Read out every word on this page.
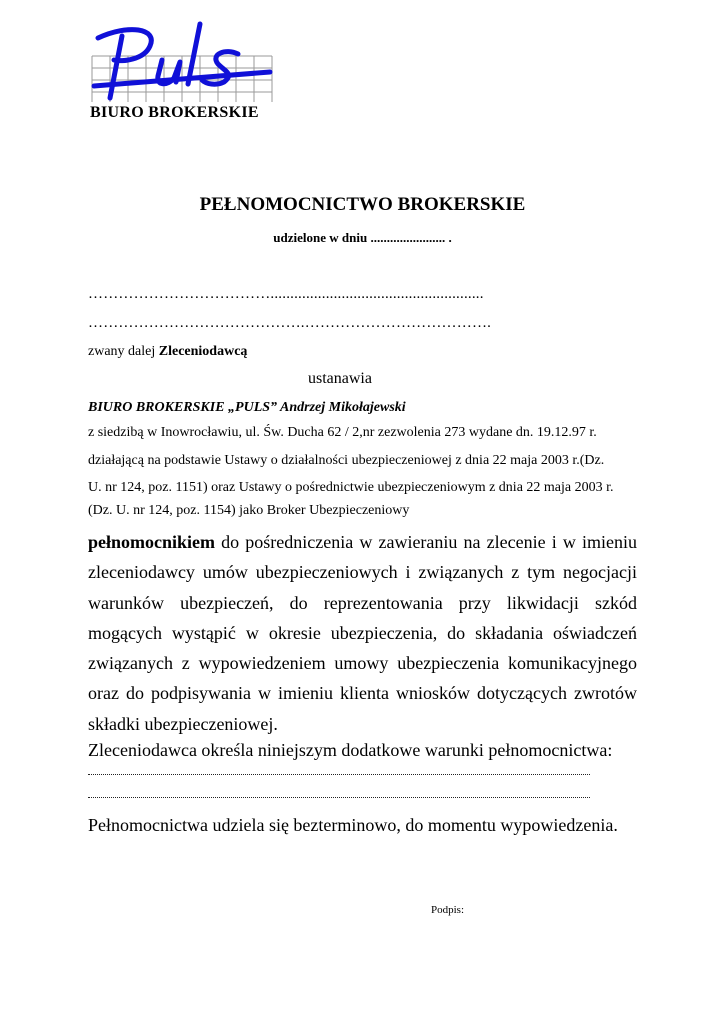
BIURO BROKERSKIE
PEŁNOMOCNICTWO BROKERSKIE
udzielone w dniu ....................... .
………………………………......................................................
…………………………………….……………………………….
zwany dalej Zleceniodawcą
ustanawia
BIURO BROKERSKIE „PULS” Andrzej Mikołajewski
z siedzibą w Inowrocławiu, ul. Św. Ducha 62 / 2,nr zezwolenia 273 wydane dn. 19.12.97 r.
działającą na podstawie Ustawy o działalności ubezpieczeniowej z dnia 22 maja 2003 r.(Dz.
U. nr 124, poz. 1151) oraz Ustawy o pośrednictwie ubezpieczeniowym z dnia 22 maja 2003 r.
(Dz. U. nr 124, poz. 1154) jako Broker Ubezpieczeniowy
pełnomocnikiem do pośredniczenia w zawieraniu na zlecenie i w imieniu zleceniodawcy umów ubezpieczeniowych i związanych z tym negocjacji warunków ubezpieczeń, do reprezentowania przy likwidacji szkód mogących wystąpić w okresie ubezpieczenia, do składania oświadczeń związanych z wypowiedzeniem umowy ubezpieczenia komunikacyjnego oraz do podpisywania w imieniu klienta wniosków dotyczących zwrotów składki ubezpieczeniowej.
Zleceniodawca określa niniejszym dodatkowe warunki pełnomocnictwa:
Pełnomocnictwa udziela się bezterminowo, do momentu wypowiedzenia.
Podpis:
